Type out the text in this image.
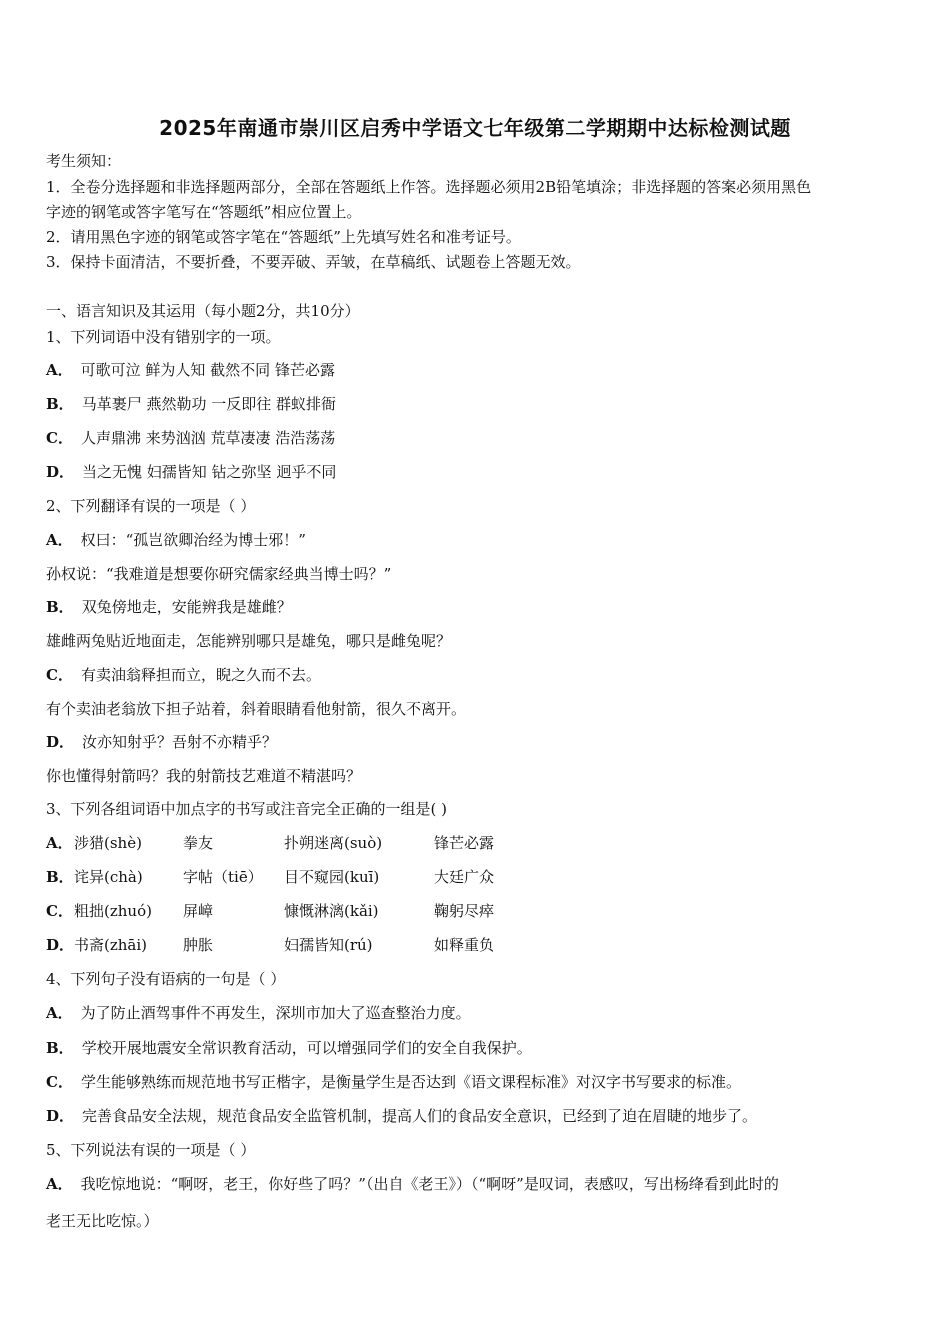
2025年南通市崇川区启秀中学语文七年级第二学期期中达标检测试题
考生须知：
1．全卷分选择题和非选择题两部分，全部在答题纸上作答。选择题必须用2B铅笔填涂；非选择题的答案必须用黑色
字迹的钢笔或答字笔写在“答题纸”相应位置上。
2．请用黑色字迹的钢笔或答字笔在“答题纸”上先填写姓名和准考证号。
3．保持卡面清洁，不要折叠，不要弄破、弄皱，在草稿纸、试题卷上答题无效。
一、语言知识及其运用（每小题2分，共10分）
1、下列词语中没有错别字的一项。
A． 可歌可泣 鲜为人知 截然不同 锋芒必露
B． 马革裹尸 燕然勒功 一反即往 群蚁排衙
C． 人声鼎沸 来势汹汹 荒草凄凄 浩浩荡荡
D． 当之无愧 妇孺皆知 钻之弥坚 迥乎不同
2、下列翻译有误的一项是（ ）
A． 权曰：“孤岂欲卿治经为博士邪！”
孙权说：“我难道是想要你研究儒家经典当博士吗？”
B． 双兔傍地走，安能辨我是雄雌？
雄雌两兔贴近地面走，怎能辨别哪只是雄兔，哪只是雌兔呢？
C． 有卖油翁释担而立，睨之久而不去。
有个卖油老翁放下担子站着，斜着眼睛看他射箭，很久不离开。
D． 汝亦知射乎？吾射不亦精乎？
你也懂得射箭吗？我的射箭技艺难道不精湛吗？
3、下列各组词语中加点字的书写或注音完全正确的一组是( )
A． 涉猎(shè)	拳友	扑朔迷离(suò)	锋芒必露
B． 诧异(chà)	字帖（tiē） 目不窥园(kuī)	大廷广众
C． 粗拙(zhuó) 屏嶂	慷慨淋漓(kǎi)	鞠躬尽瘁
D． 书斋(zhāi) 肿胀	妇孺皆知(rú)	如释重负
4、下列句子没有语病的一句是（ ）
A． 为了防止酒驾事件不再发生，深圳市加大了巡查整治力度。
B． 学校开展地震安全常识教育活动，可以增强同学们的安全自我保护。
C． 学生能够熟练而规范地书写正楷字，是衡量学生是否达到《语文课程标准》对汉字书写要求的标准。
D． 完善食品安全法规，规范食品安全监管机制，提高人们的食品安全意识，已经到了迫在眉睫的地步了。
5、下列说法有误的一项是（ ）
A． 我吃惊地说：“啊呀，老王，你好些了吗？”（出自《老王》）（“啊呀”是叹词，表感叹，写出杨绛看到此时的
老王无比吃惊。）
